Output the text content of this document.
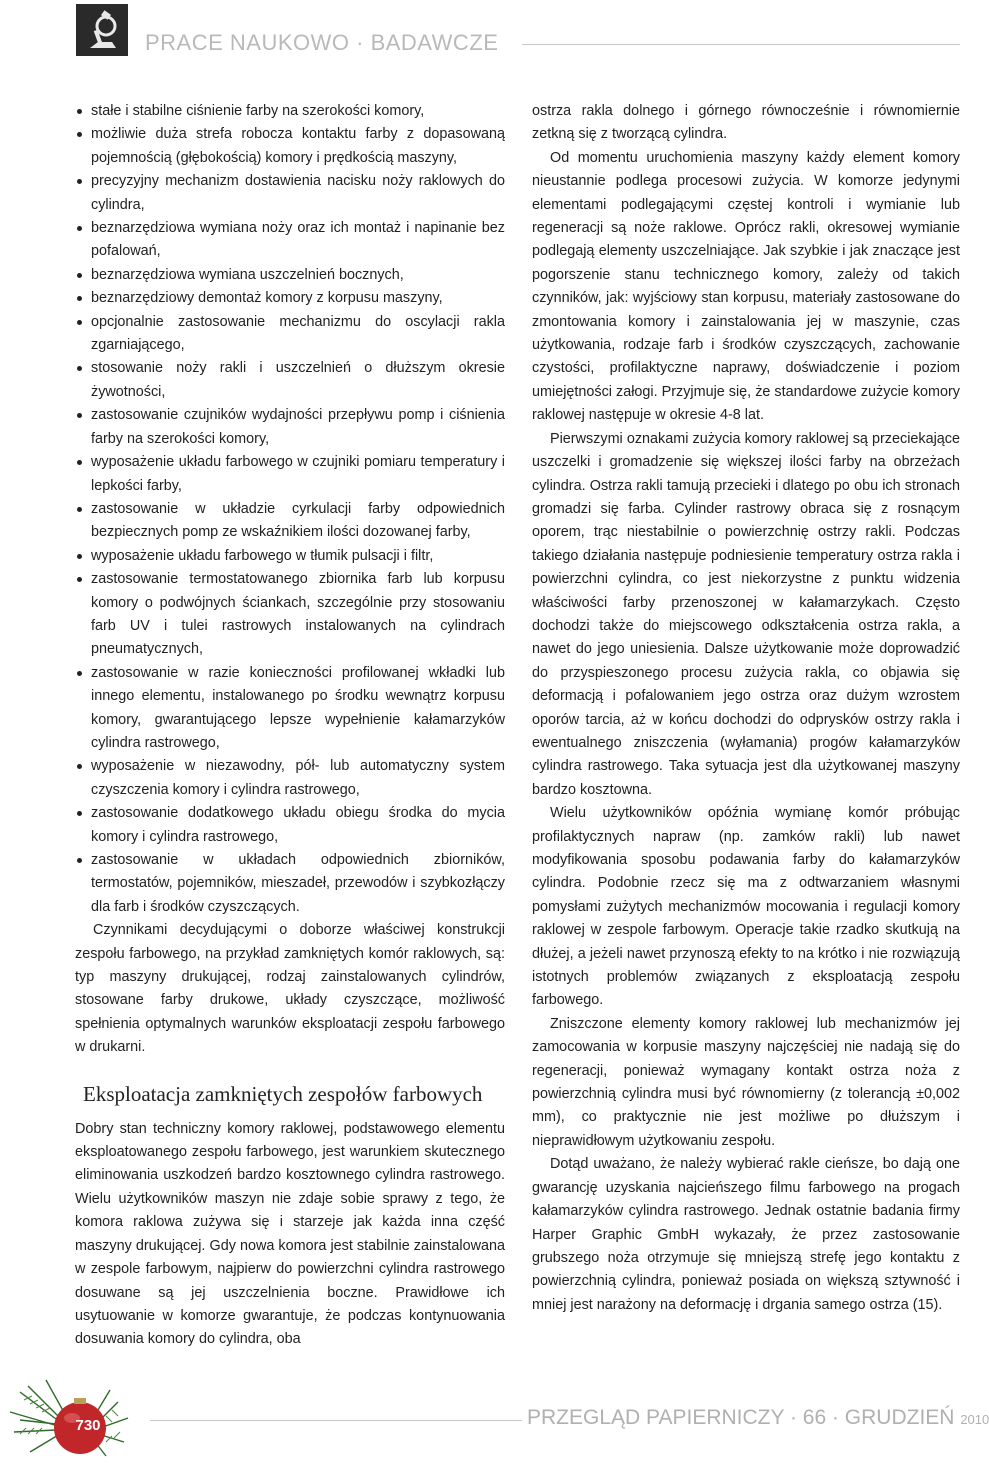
PRACE NAUKOWO · BADAWCZE
stałe i stabilne ciśnienie farby na szerokości komory,
możliwie duża strefa robocza kontaktu farby z dopasowaną pojemnością (głębokością) komory i prędkością maszyny,
precyzyjny mechanizm dostawienia nacisku noży raklowych do cylindra,
beznarzędziowa wymiana noży oraz ich montaż i napinanie bez pofalowań,
beznarzędziowa wymiana uszczelnień bocznych,
beznarzędziowy demontaż komory z korpusu maszyny,
opcjonalnie zastosowanie mechanizmu do oscylacji rakla zgarniającego,
stosowanie noży rakli i uszczelnień o dłuższym okresie żywotności,
zastosowanie czujników wydajności przepływu pomp i ciśnienia farby na szerokości komory,
wyposażenie układu farbowego w czujniki pomiaru temperatury i lepkości farby,
zastosowanie w układzie cyrkulacji farby odpowiednich bezpiecznych pomp ze wskaźnikiem ilości dozowanej farby,
wyposażenie układu farbowego w tłumik pulsacji i filtr,
zastosowanie termostatowanego zbiornika farb lub korpusu komory o podwójnych ściankach, szczególnie przy stosowaniu farb UV i tulei rastrowych instalowanych na cylindrach pneumatycznych,
zastosowanie w razie konieczności profilowanej wkładki lub innego elementu, instalowanego po środku wewnątrz korpusu komory, gwarantującego lepsze wypełnienie kałamarzyków cylindra rastrowego,
wyposażenie w niezawodny, pół- lub automatyczny system czyszczenia komory i cylindra rastrowego,
zastosowanie dodatkowego układu obiegu środka do mycia komory i cylindra rastrowego,
zastosowanie w układach odpowiednich zbiorników, termostatów, pojemników, mieszadeł, przewodów i szybkozłączy dla farb i środków czyszczących.

Czynnikami decydującymi o doborze właściwej konstrukcji zespołu farbowego, na przykład zamkniętych komór raklowych, są: typ maszyny drukującej, rodzaj zainstalowanych cylindrów, stosowane farby drukowe, układy czyszczące, możliwość spełnienia optymalnych warunków eksploatacji zespołu farbowego w drukarni.

Eksploatacja zamkniętych zespołów farbowych

Dobry stan techniczny komory raklowej, podstawowego elementu eksploatowanego zespołu farbowego, jest warunkiem skutecznego eliminowania uszkodzeń bardzo kosztownego cylindra rastrowego. Wielu użytkowników maszyn nie zdaje sobie sprawy z tego, że komora raklowa zużywa się i starzeje jak każda inna część maszyny drukującej. Gdy nowa komora jest stabilnie zainstalowana w zespole farbowym, najpierw do powierzchni cylindra rastrowego dosuwane są jej uszczelnienia boczne. Prawidłowe ich usytuowanie w komorze gwarantuje, że podczas kontynuowania dosuwania komory do cylindra, oba

ostrza rakla dolnego i górnego równocześnie i równomiernie zetkną się z tworzącą cylindra.

Od momentu uruchomienia maszyny każdy element komory nieustannie podlega procesowi zużycia. W komorze jedynymi elementami podlegającymi częstej kontroli i wymianie lub regeneracji są noże raklowe. Oprócz rakli, okresowej wymianie podlegają elementy uszczelniające. Jak szybkie i jak znaczące jest pogorszenie stanu technicznego komory, zależy od takich czynników, jak: wyjściowy stan korpusu, materiały zastosowane do zmontowania komory i zainstalowania jej w maszynie, czas użytkowania, rodzaje farb i środków czyszczących, zachowanie czystości, profilaktyczne naprawy, doświadczenie i poziom umiejętności załogi. Przyjmuje się, że standardowe zużycie komory raklowej następuje w okresie 4-8 lat.

Pierwszymi oznakami zużycia komory raklowej są przeciekające uszczelki i gromadzenie się większej ilości farby na obrzeżach cylindra. Ostrza rakli tamują przecieki i dlatego po obu ich stronach gromadzi się farba. Cylinder rastrowy obraca się z rosnącym oporem, trąc niestabilnie o powierzchnię ostrzy rakli. Podczas takiego działania następuje podniesienie temperatury ostrza rakla i powierzchni cylindra, co jest niekorzystne z punktu widzenia właściwości farby przenoszonej w kałamarzykach. Często dochodzi także do miejscowego odkształcenia ostrza rakla, a nawet do jego uniesienia. Dalsze użytkowanie może doprowadzić do przyspieszonego procesu zużycia rakla, co objawia się deformacją i pofalowaniem jego ostrza oraz dużym wzrostem oporów tarcia, aż w końcu dochodzi do odprysków ostrzy rakla i ewentualnego zniszczenia (wyłamania) progów kałamarzyków cylindra rastrowego. Taka sytuacja jest dla użytkowanej maszyny bardzo kosztowna.

Wielu użytkowników opóźnia wymianę komór próbując profilaktycznych napraw (np. zamków rakli) lub nawet modyfikowania sposobu podawania farby do kałamarzyków cylindra. Podobnie rzecz się ma z odtwarzaniem własnymi pomysłami zużytych mechanizmów mocowania i regulacji komory raklowej w zespole farbowym. Operacje takie rzadko skutkują na dłużej, a jeżeli nawet przynoszą efekty to na krótko i nie rozwiązują istotnych problemów związanych z eksploatacją zespołu farbowego.

Zniszczone elementy komory raklowej lub mechanizmów jej zamocowania w korpusie maszyny najczęściej nie nadają się do regeneracji, ponieważ wymagany kontakt ostrza noża z powierzchnią cylindra musi być równomierny (z tolerancją ±0,002 mm), co praktycznie nie jest możliwe po dłuższym i nieprawidłowym użytkowaniu zespołu.

Dotąd uważano, że należy wybierać rakle cieńsze, bo dają one gwarancję uzyskania najcieńszego filmu farbowego na progach kałamarzyków cylindra rastrowego. Jednak ostatnie badania firmy Harper Graphic GmbH wykazały, że przez zastosowanie grubszego noża otrzymuje się mniejszą strefę jego kontaktu z powierzchnią cylindra, ponieważ posiada on większą sztywność i mniej jest narażony na deformację i drgania samego ostrza (15).

730	PRZEGLĄD PAPIERNICZY · 66 · GRUDZIEŃ 2010
